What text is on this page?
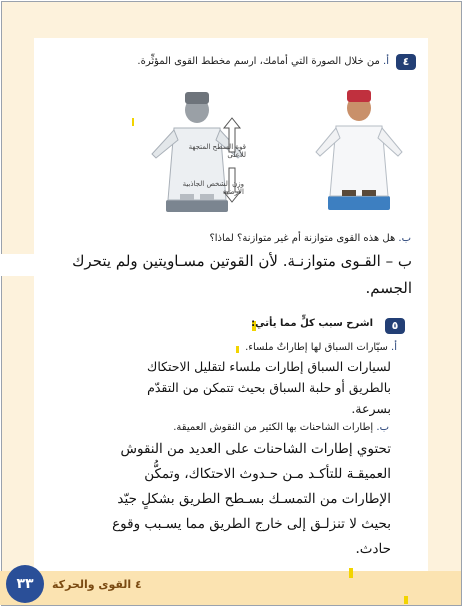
٤
أ. من خلال الصورة التي أمامك، ارسم مخطط القوى المؤثِّرة.
قوة السطح المتجهة للأعلى
وزن الشخص الجاذبية الأرضية
ب. هل هذه القوى متوازنة أم غير متوازنة؟ لماذا؟
ب – القـوى متوازنـة. لأن القوتين مسـاويتين ولم يتحرك
الجسم.
اشرح سبب كلٍّ مما يأتي:	٥
أ. سيّارات السباق لها إطاراتٌ ملساء.
لسيارات السباق إطارات ملساء لتقليل الاحتكاك
بالطريق أو حلبة السباق بحيث تتمكن من التقدّم
بسرعة.
ب. إطارات الشاحنات بها الكثير من النقوش العميقة.
تحتوي إطارات الشاحنات على العديد من النقوش
العميقـة للتأكـد مـن حـدوث الاحتكاك، وتمكُّن
الإطارات من التمسـك بسـطح الطريق بشكلٍ جيّد
بحيث لا تنزلـق إلى خارج الطريق مما يسـبب وقوع
حادث.
٣٣	٤ القوى والحركة
